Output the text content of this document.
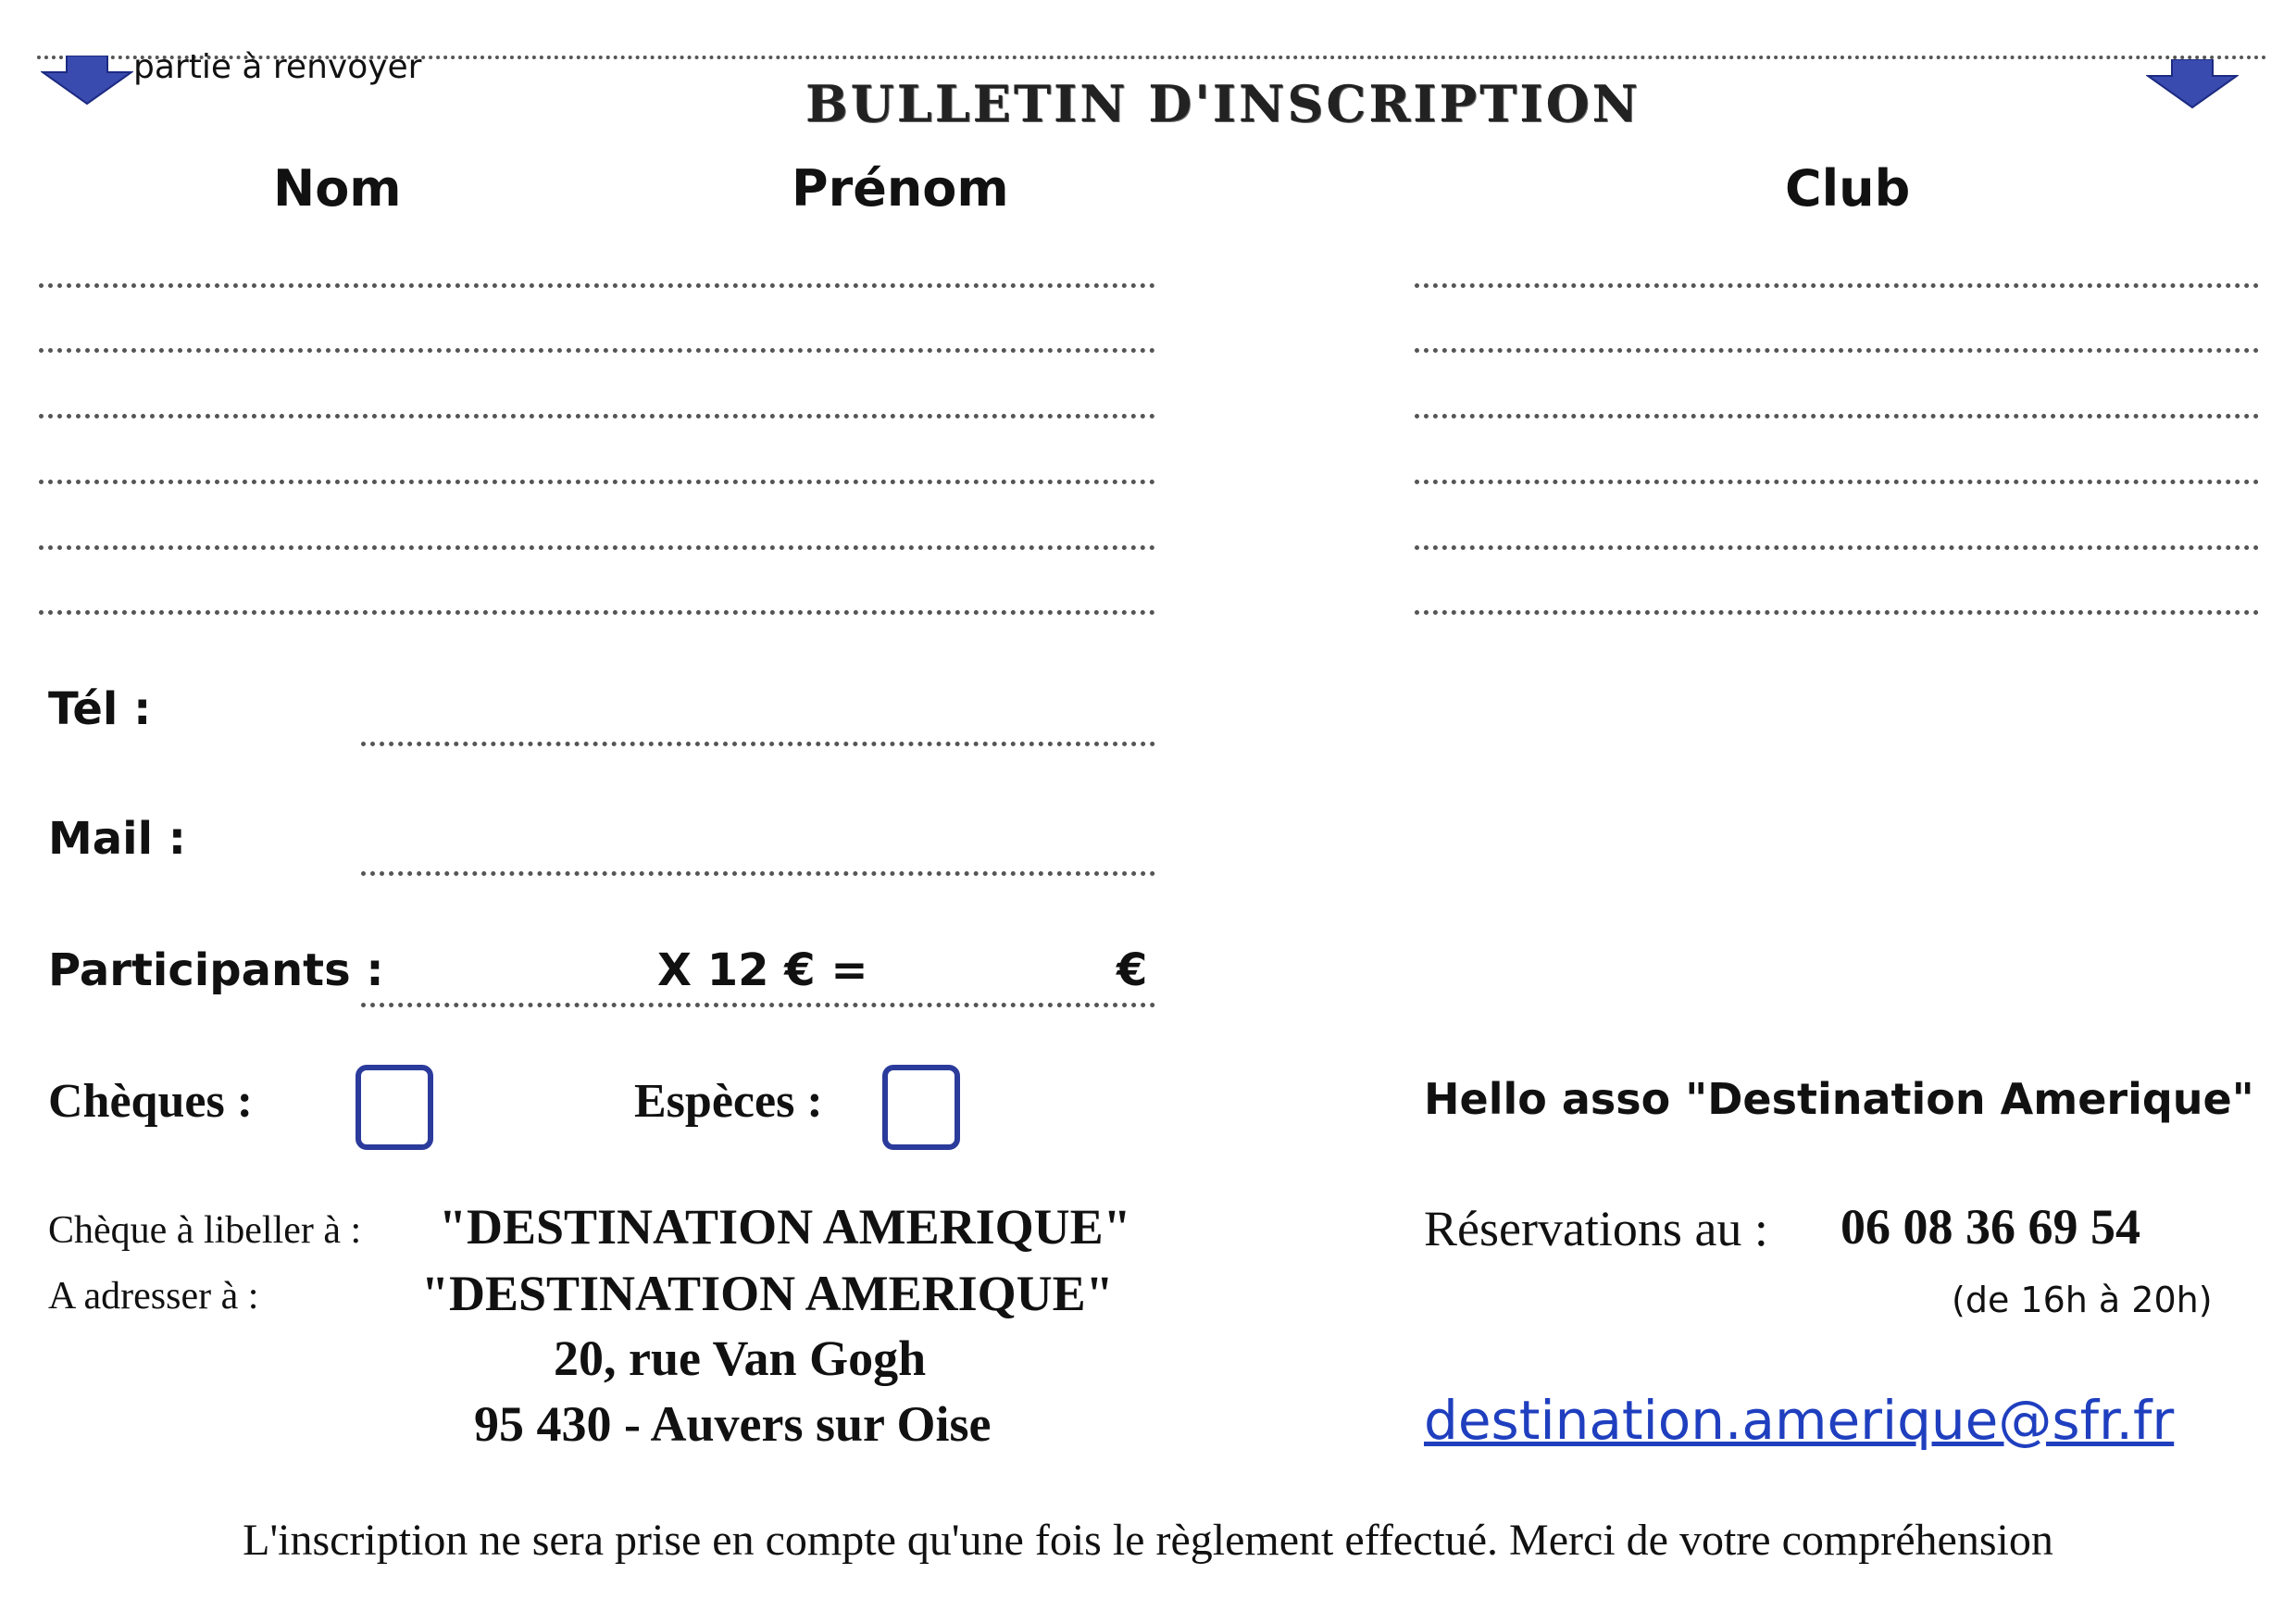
partie à renvoyer
BULLETIN D'INSCRIPTION
Nom	Prénom	Club
Tél :
Mail :
Participants :	X 12 € =	€
Chèques :	Espèces :	Hello asso "Destination Amerique"
Chèque à libeller à : "DESTINATION AMERIQUE"
A adresser à :	"DESTINATION AMERIQUE"
20, rue Van Gogh
95 430 - Auvers sur Oise
Réservations au : 06 08 36 69 54
(de 16h à 20h)
destination.amerique@sfr.fr
L'inscription ne sera prise en compte qu'une fois le règlement effectué. Merci de votre compréhension
